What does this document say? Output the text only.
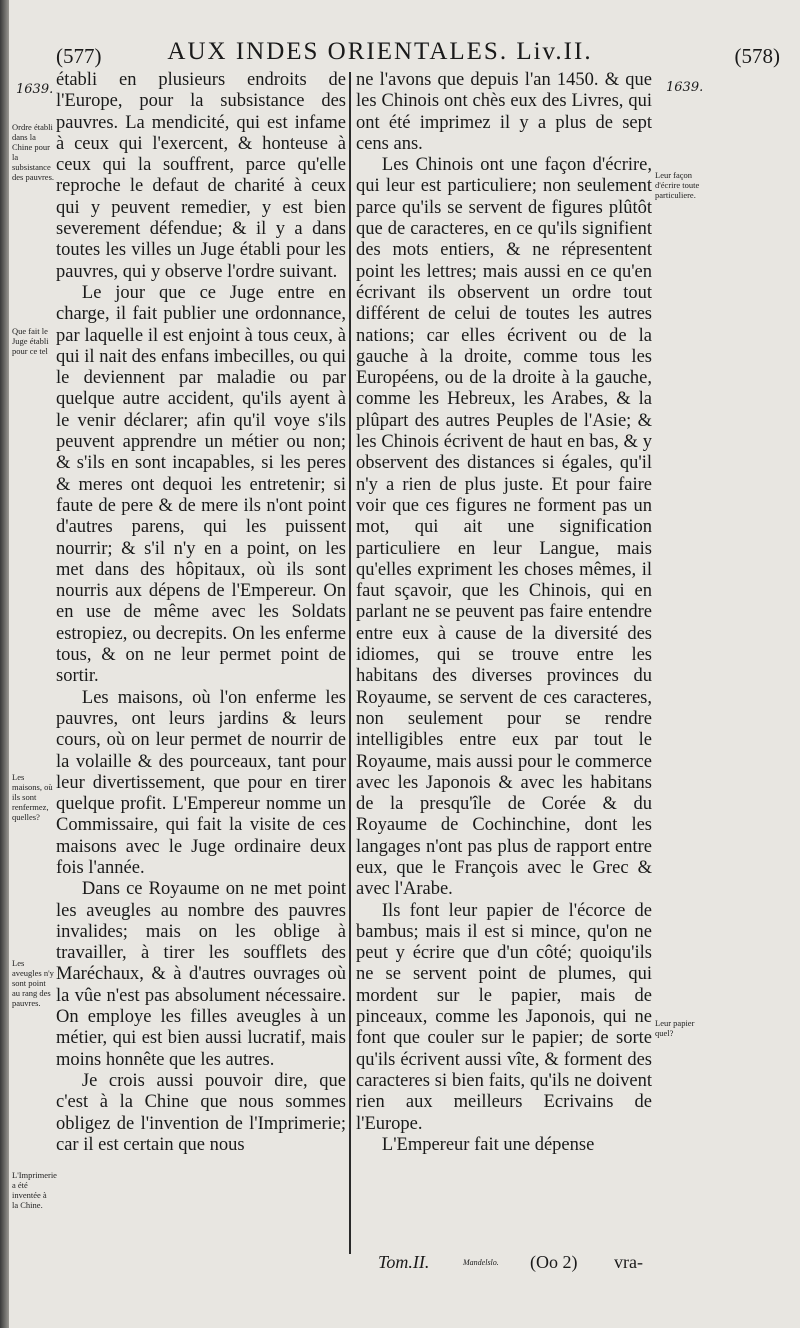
(577)	AUX INDES ORIENTALES. Liv.II.	(578)
1639.	1639.
Ordre établi dans la Chine pour la subsistance des pauvres.
Que fait le Juge établi pour ce tel
Les maisons, où ils sont renfermez, quelles?
Les aveugles n'y sont point au rang des pauvres.
L'Imprimerie a été inventée à la Chine.
Leur façon d'écrire toute particuliere.
Leur papier quel?

établi en plusieurs endroits de l'Europe, pour la subsistance des pauvres. La mendicité, qui est infame à ceux qui l'exercent, & honteuse à ceux qui la souffrent, parce qu'elle reproche le defaut de charité à ceux qui y peuvent remedier, y est bien severement défendue; & il y a dans toutes les villes un Juge établi pour les pauvres, qui y observe l'ordre suivant.

Le jour que ce Juge entre en charge, il fait publier une ordonnance, par laquelle il est enjoint à tous ceux, à qui il nait des enfans imbecilles, ou qui le deviennent par maladie ou par quelque autre accident, qu'ils ayent à le venir déclarer; afin qu'il voye s'ils peuvent apprendre un métier ou non; & s'ils en sont incapables, si les peres & meres ont dequoi les entretenir; si faute de pere & de mere ils n'ont point d'autres parens, qui les puissent nourrir; & s'il n'y en a point, on les met dans des hôpitaux, où ils sont nourris aux dépens de l'Empereur. On en use de même avec les Soldats estropiez, ou decrepits. On les enferme tous, & on ne leur permet point de sortir.

Les maisons, où l'on enferme les pauvres, ont leurs jardins & leurs cours, où on leur permet de nourrir de la volaille & des pourceaux, tant pour leur divertissement, que pour en tirer quelque profit. L'Empereur nomme un Commissaire, qui fait la visite de ces maisons avec le Juge ordinaire deux fois l'année.

Dans ce Royaume on ne met point les aveugles au nombre des pauvres invalides; mais on les oblige à travailler, à tirer les soufflets des Maréchaux, & à d'autres ouvrages où la vûe n'est pas absolument nécessaire. On employe les filles aveugles à un métier, qui est bien aussi lucratif, mais moins honnête que les autres.

Je crois aussi pouvoir dire, que c'est à la Chine que nous sommes obligez de l'invention de l'Imprimerie; car il est certain que nous

ne l'avons que depuis l'an 1450. & que les Chinois ont chès eux des Livres, qui ont été imprimez il y a plus de sept cens ans.

Les Chinois ont une façon d'écrire, qui leur est particuliere; non seulement parce qu'ils se servent de figures plûtôt que de caracteres, en ce qu'ils signifient des mots entiers, & ne répresentent point les lettres; mais aussi en ce qu'en écrivant ils observent un ordre tout différent de celui de toutes les autres nations; car elles écrivent ou de la gauche à la droite, comme tous les Européens, ou de la droite à la gauche, comme les Hebreux, les Arabes, & la plûpart des autres Peuples de l'Asie; & les Chinois écrivent de haut en bas, & y observent des distances si égales, qu'il n'y a rien de plus juste. Et pour faire voir que ces figures ne forment pas un mot, qui ait une signification particuliere en leur Langue, mais qu'elles expriment les choses mêmes, il faut sçavoir, que les Chinois, qui en parlant ne se peuvent pas faire entendre entre eux à cause de la diversité des idiomes, qui se trouve entre les habitans des diverses provinces du Royaume, se servent de ces caracteres, non seulement pour se rendre intelligibles entre eux par tout le Royaume, mais aussi pour le commerce avec les Japonois & avec les habitans de la presqu'île de Corée & du Royaume de Cochinchine, dont les langages n'ont pas plus de rapport entre eux, que le François avec le Grec & avec l'Arabe.

Ils font leur papier de l'écorce de bambus; mais il est si mince, qu'on ne peut y écrire que d'un côté; quoiqu'ils ne se servent point de plumes, qui mordent sur le papier, mais de pinceaux, comme les Japonois, qui ne font que couler sur le papier; de sorte qu'ils écrivent aussi vîte, & forment des caracteres si bien faits, qu'ils ne doivent rien aux meilleurs Ecrivains de l'Europe.

L'Empereur fait une dépense

Tom.II.	Mandelslo. (Oo 2) vra-
